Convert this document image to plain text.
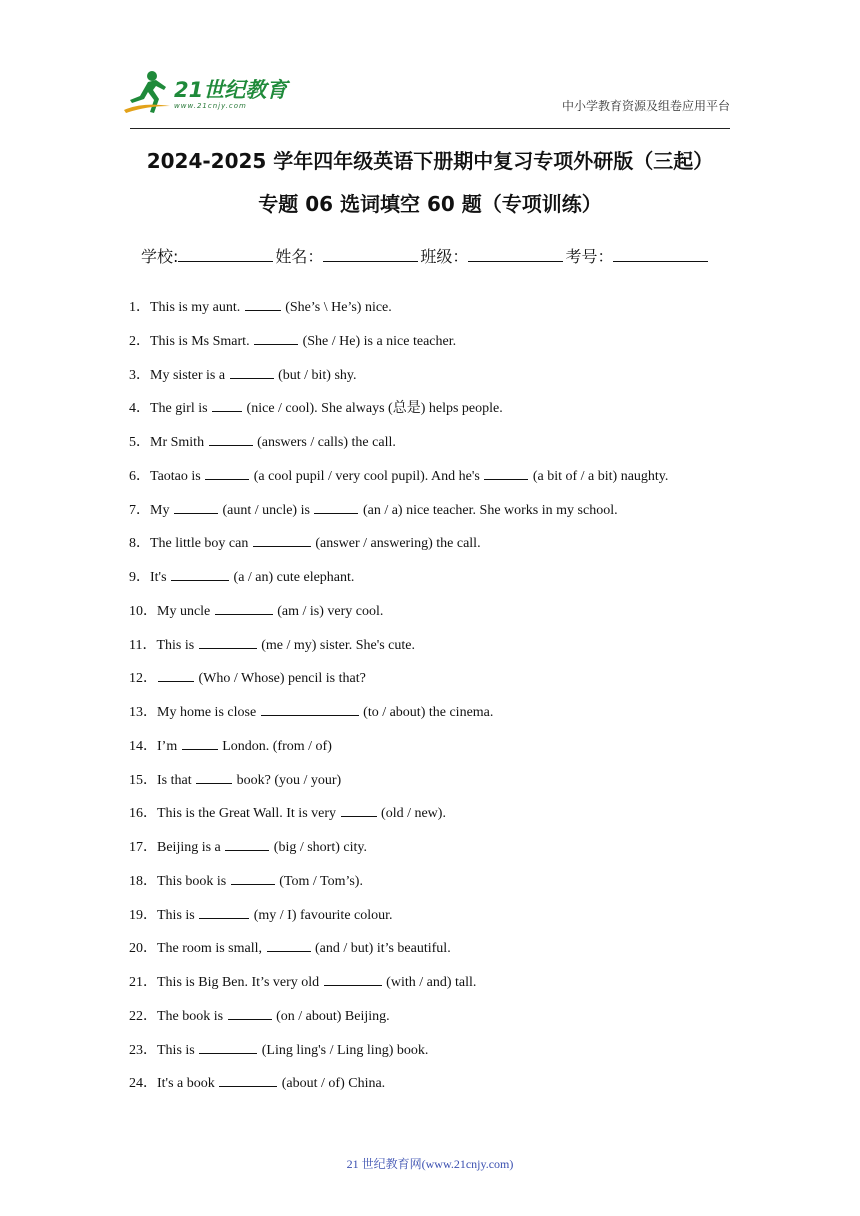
21世纪教育
www.21cnjy.com	中小学教育资源及组卷应用平台
2024-2025 学年四年级英语下册期中复习专项外研版（三起）
专题 06 选词填空 60 题（专项训练）
学校:	姓名：	班级：	考号：
1．This is my aunt.	(She’s \ He’s) nice.
2．This is Ms Smart.	(She / He) is a nice teacher.
3．My sister is a	(but / bit) shy.
4．The girl is  (nice / cool). She always (总是) helps people.
5．Mr Smith	(answers / calls) the call.
6．Taotao is	(a cool pupil / very cool pupil). And he's	(a bit of / a bit) naughty.
7．My	(aunt / uncle) is	(an / a) nice teacher. She works in my school.
8．The little boy can	(answer / answering) the call.
9．It's	(a / an) cute elephant.
10．My uncle	(am / is) very cool.
11．This is	(me / my) sister. She's cute.
12．	(Who / Whose) pencil is that?
13．My home is close	(to / about) the cinema.
14．I’m	London. (from / of)
15．Is that	book? (you / your)
16．This is the Great Wall. It is very	(old / new).
17．Beijing is a	(big / short) city.
18．This book is	(Tom / Tom’s).
19．This is	(my / I) favourite colour.
20．The room is small,	(and / but) it’s beautiful.
21．This is Big Ben. It’s very old	(with / and) tall.
22．The book is	(on / about) Beijing.
23．This is	(Ling ling's / Ling ling) book.
24．It's a book	(about / of) China.
21 世纪教育网(www.21cnjy.com)
